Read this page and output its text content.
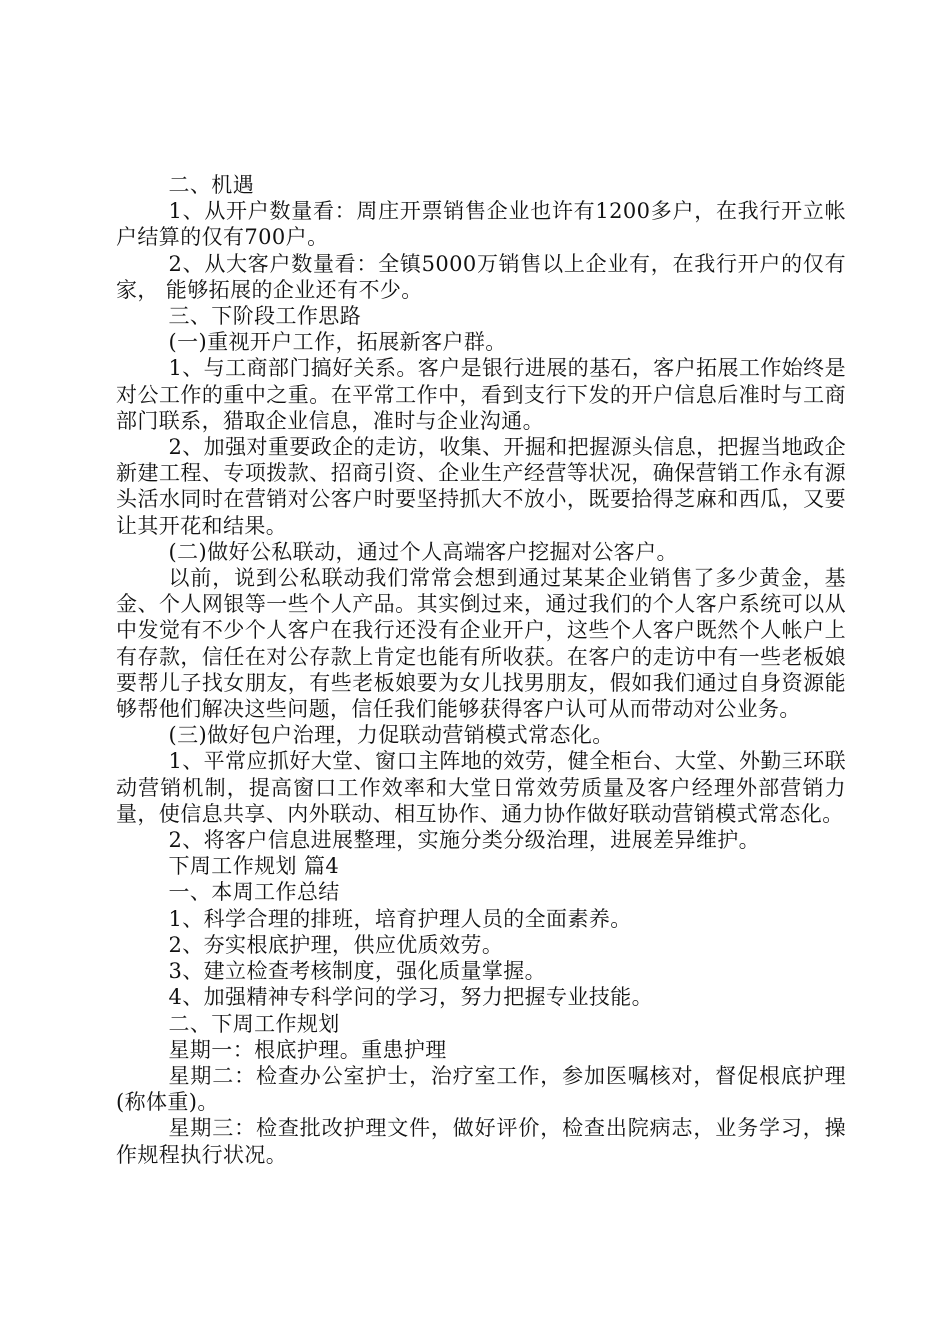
二、机遇

1、从开户数量看：周庄开票销售企业也许有1200多户，在我行开立帐户结算的仅有700户。

2、从大客户数量看：全镇5000万销售以上企业有，在我行开户的仅有 家， 能够拓展的企业还有不少。

三、下阶段工作思路

(一)重视开户工作，拓展新客户群。

1、与工商部门搞好关系。客户是银行进展的基石，客户拓展工作始终是对公工作的重中之重。在平常工作中，看到支行下发的开户信息后准时与工商部门联系，猎取企业信息，准时与企业沟通。

2、加强对重要政企的走访，收集、开掘和把握源头信息，把握当地政企新建工程、专项拨款、招商引资、企业生产经营等状况，确保营销工作永有源头活水同时在营销对公客户时要坚持抓大不放小，既要拾得芝麻和西瓜，又要让其开花和结果。

(二)做好公私联动，通过个人高端客户挖掘对公客户。

以前，说到公私联动我们常常会想到通过某某企业销售了多少黄金，基金、个人网银等一些个人产品。其实倒过来，通过我们的个人客户系统可以从中发觉有不少个人客户在我行还没有企业开户，这些个人客户既然个人帐户上有存款，信任在对公存款上肯定也能有所收获。在客户的走访中有一些老板娘要帮儿子找女朋友，有些老板娘要为女儿找男朋友，假如我们通过自身资源能够帮他们解决这些问题，信任我们能够获得客户认可从而带动对公业务。

(三)做好包户治理，力促联动营销模式常态化。

1、平常应抓好大堂、窗口主阵地的效劳，健全柜台、大堂、外勤三环联动营销机制，提高窗口工作效率和大堂日常效劳质量及客户经理外部营销力量，使信息共享、内外联动、相互协作、通力协作做好联动营销模式常态化。

2、将客户信息进展整理，实施分类分级治理，进展差异维护。

下周工作规划 篇4

一、本周工作总结

1、科学合理的排班，培育护理人员的全面素养。

2、夯实根底护理，供应优质效劳。

3、建立检查考核制度，强化质量掌握。

4、加强精神专科学问的学习，努力把握专业技能。

二、下周工作规划

星期一：根底护理。重患护理

星期二：检查办公室护士，治疗室工作，参加医嘱核对，督促根底护理(称体重)。

星期三：检查批改护理文件，做好评价，检查出院病志，业务学习，操作规程执行状况。
